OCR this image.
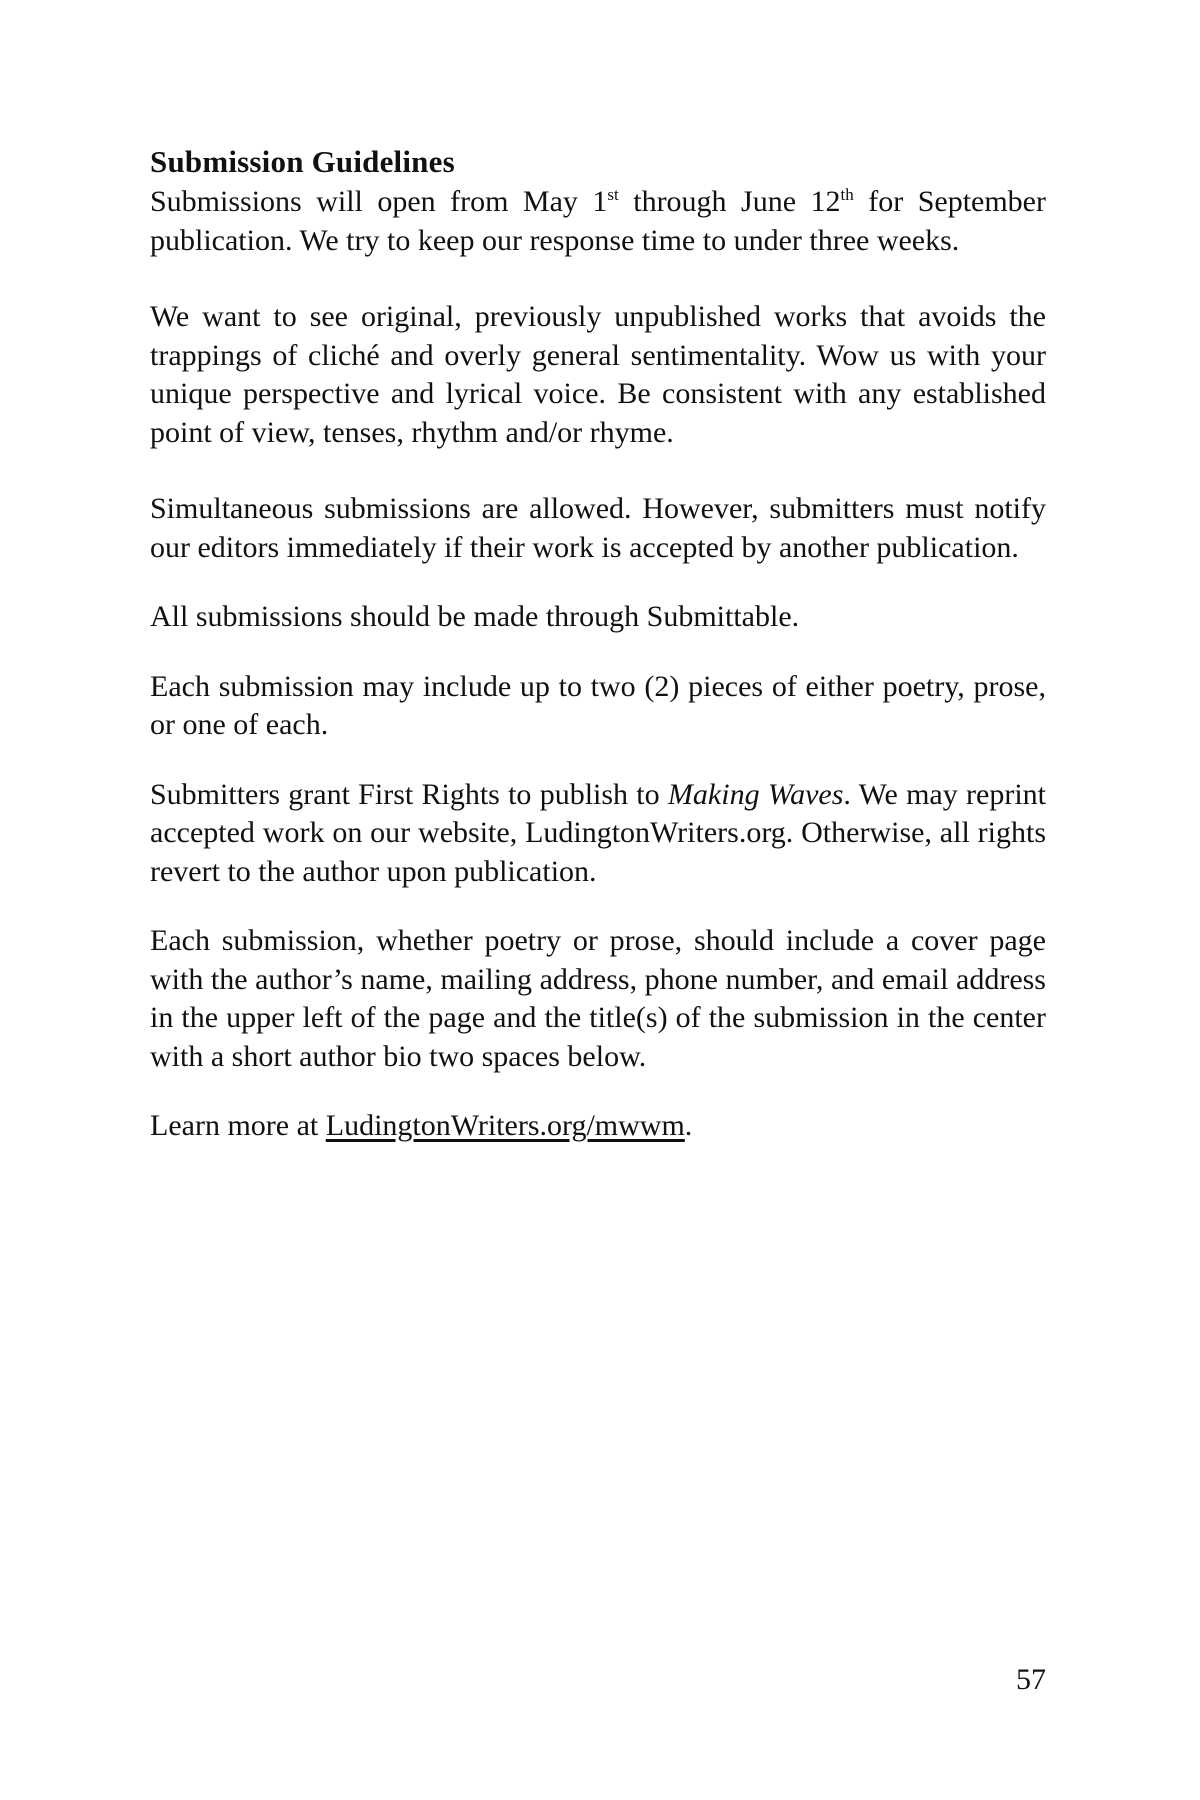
Submission Guidelines

Submissions will open from May 1st through June 12th for September publication. We try to keep our response time to under three weeks.

We want to see original, previously unpublished works that avoids the trappings of cliché and overly general sentimentality. Wow us with your unique perspective and lyrical voice. Be consistent with any established point of view, tenses, rhythm and/or rhyme.

Simultaneous submissions are allowed. However, submitters must notify our editors immediately if their work is accepted by another publication.

All submissions should be made through Submittable.

Each submission may include up to two (2) pieces of either poetry, prose, or one of each.

Submitters grant First Rights to publish to Making Waves. We may reprint accepted work on our website, LudingtonWriters.org. Otherwise, all rights revert to the author upon publication.

Each submission, whether poetry or prose, should include a cover page with the author’s name, mailing address, phone number, and email address in the upper left of the page and the title(s) of the submission in the center with a short author bio two spaces below.

Learn more at LudingtonWriters.org/mwwm.

57
